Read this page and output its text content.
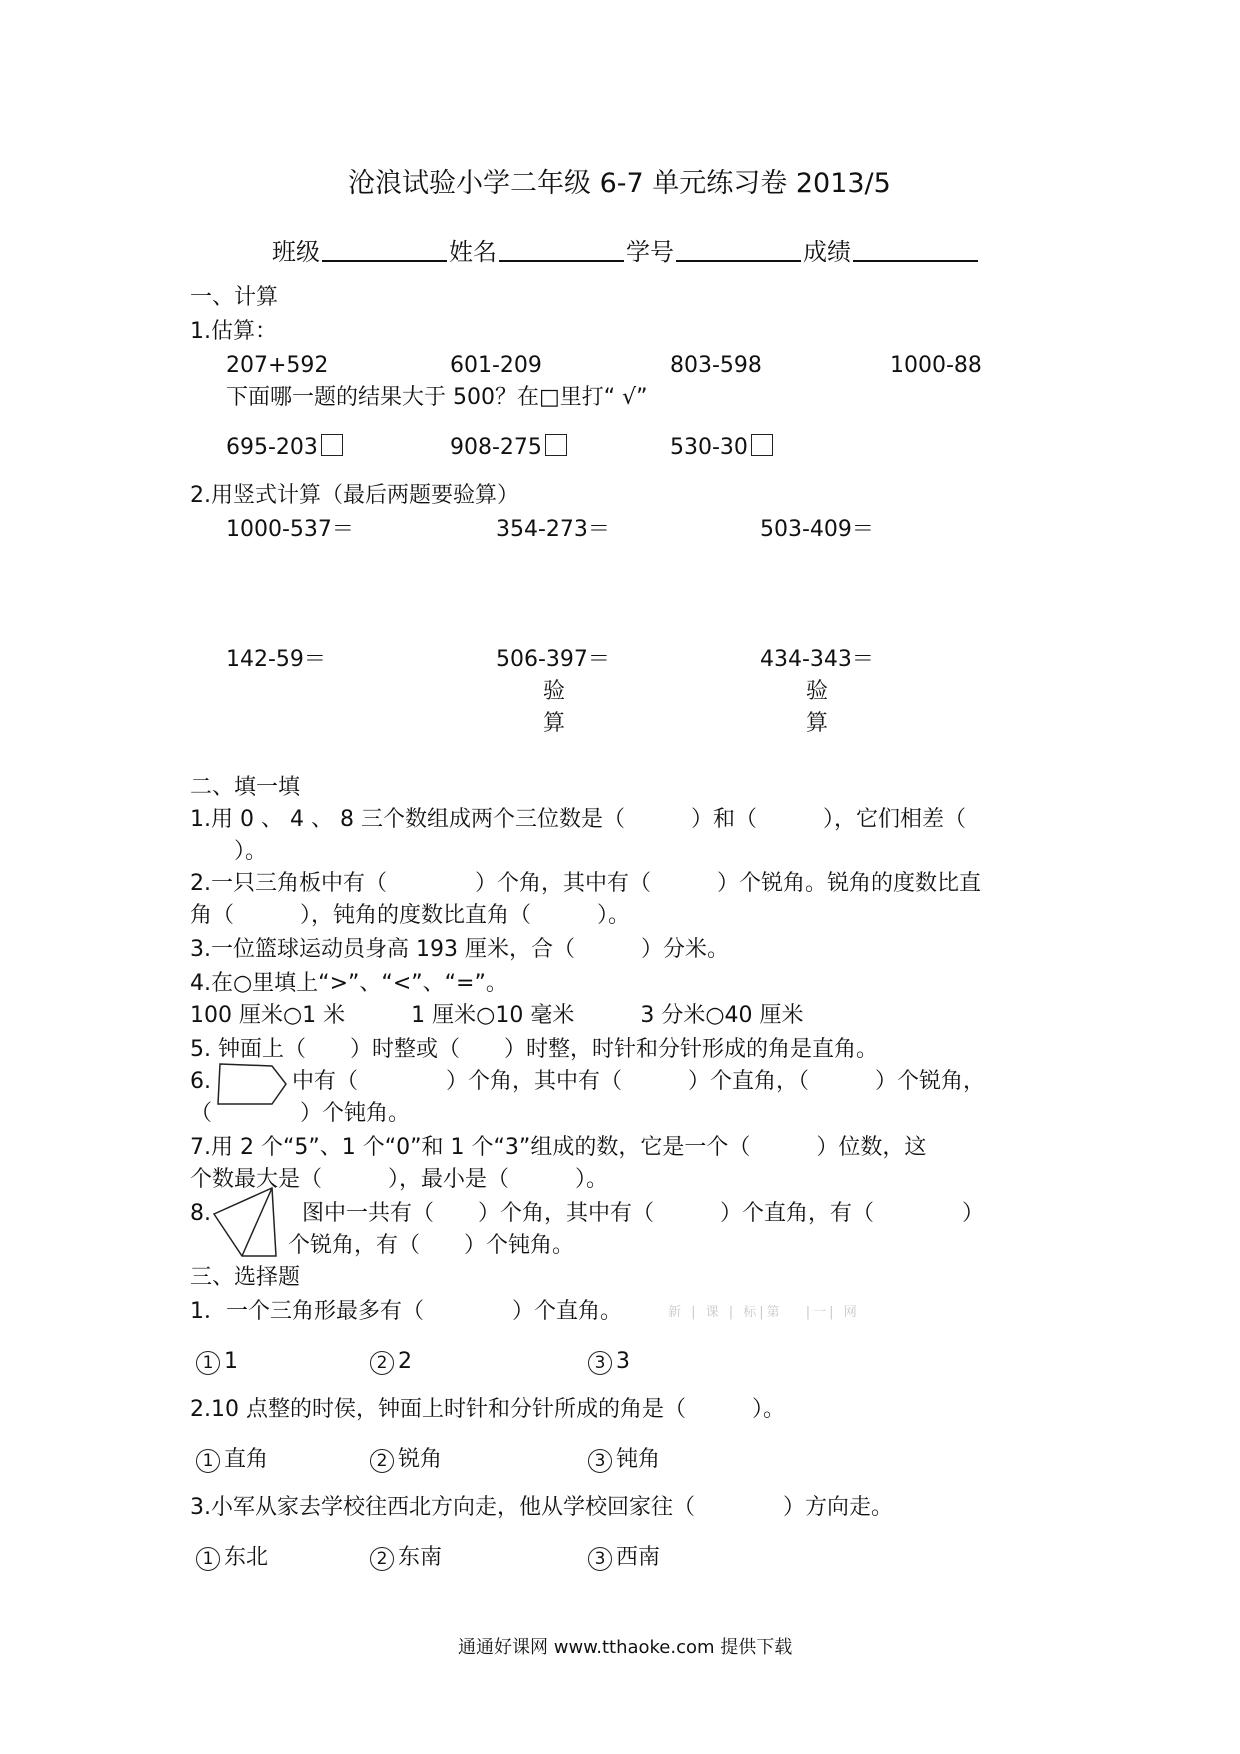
沧浪试验小学二年级 6-7 单元练习卷 2013/5
班级	姓名	学号	成绩
一、计算
1.估算：
207+592	601-209	803-598	1000-88
下面哪一题的结果大于 500？在□里打“ √”
695-203	908-275	530-30
2.用竖式计算（最后两题要验算）
1000-537＝	354-273＝	503-409＝
142-59＝	506-397＝	434-343＝
验
算
验
算
二、填一填
1.用 0 、 4 、 8 三个数组成两个三位数是（　　　）和（　　　），它们相差（
　　）。
2.一只三角板中有（　　　　）个角，其中有（　　　）个锐角。锐角的度数比直
角（　　　），钝角的度数比直角（　　　）。
3.一位篮球运动员身高 193 厘米，合（　　　）分米。
4.在○里填上“>”、“<”、“=”。
100 厘米○1 米　　　1 厘米○10 毫米　　　3 分米○40 厘米
5. 钟面上（　　）时整或（　　）时整，时针和分针形成的角是直角。
6.	中有（　　　　）个角，其中有（　　　）个直角，（　　　）个锐角，
（　　　　）个钝角。
7.用 2 个“5”、1 个“0”和 1 个“3”组成的数，它是一个（　　　）位数，这
个数最大是（　　　），最小是（　　　）。
8.	图中一共有（　　）个角，其中有（　　　）个直角，有（　　　　）
个锐角，有（　　）个钝角。
三、选择题
1．一个三角形最多有（　　　　）个直角。	新 | 课 | 标|第 　|一| 网
1 1	2 2	3 3
2.10 点整的时侯，钟面上时针和分针所成的角是（　　　）。
1 直角	2 锐角	3 钝角
3.小军从家去学校往西北方向走，他从学校回家往（　　　　）方向走。
1 东北	2 东南	3 西南
通通好课网 www.tthaoke.com 提供下载
